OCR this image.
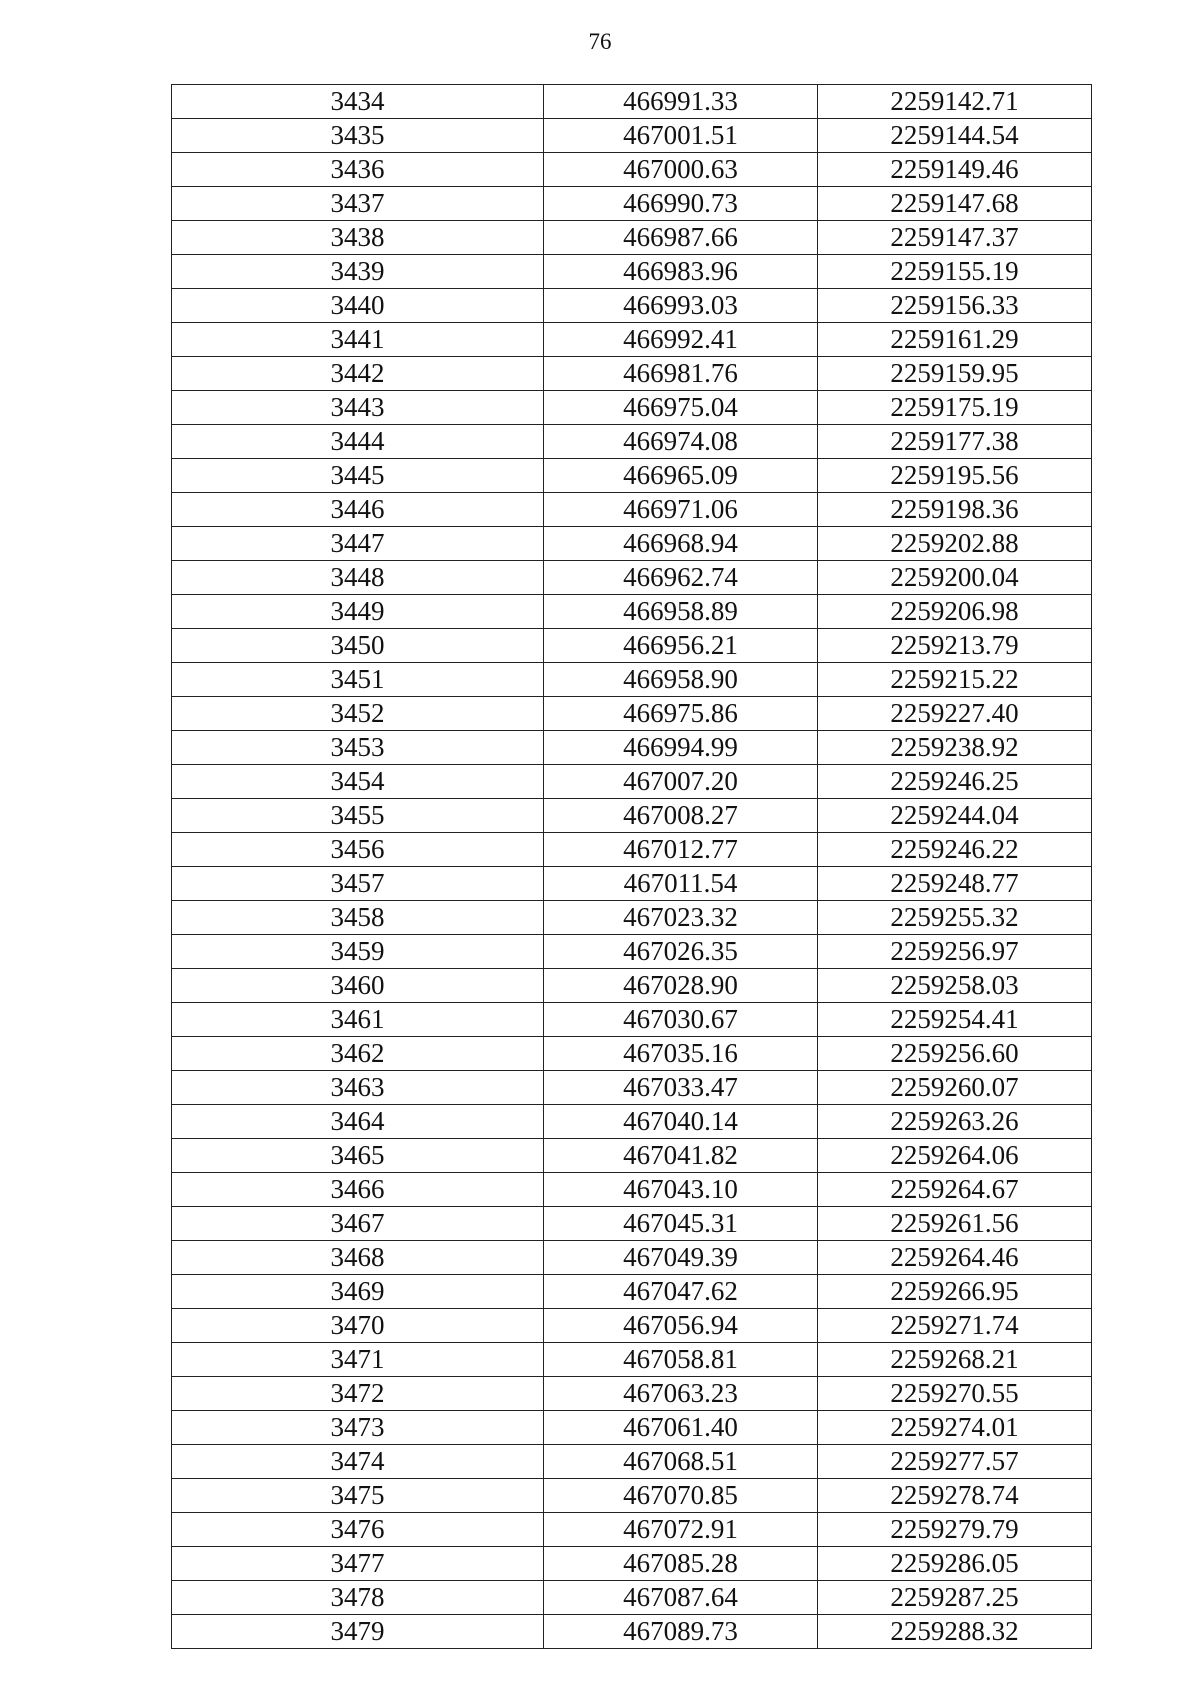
76
3434	466991.33	2259142.71
3435	467001.51	2259144.54
3436	467000.63	2259149.46
3437	466990.73	2259147.68
3438	466987.66	2259147.37
3439	466983.96	2259155.19
3440	466993.03	2259156.33
3441	466992.41	2259161.29
3442	466981.76	2259159.95
3443	466975.04	2259175.19
3444	466974.08	2259177.38
3445	466965.09	2259195.56
3446	466971.06	2259198.36
3447	466968.94	2259202.88
3448	466962.74	2259200.04
3449	466958.89	2259206.98
3450	466956.21	2259213.79
3451	466958.90	2259215.22
3452	466975.86	2259227.40
3453	466994.99	2259238.92
3454	467007.20	2259246.25
3455	467008.27	2259244.04
3456	467012.77	2259246.22
3457	467011.54	2259248.77
3458	467023.32	2259255.32
3459	467026.35	2259256.97
3460	467028.90	2259258.03
3461	467030.67	2259254.41
3462	467035.16	2259256.60
3463	467033.47	2259260.07
3464	467040.14	2259263.26
3465	467041.82	2259264.06
3466	467043.10	2259264.67
3467	467045.31	2259261.56
3468	467049.39	2259264.46
3469	467047.62	2259266.95
3470	467056.94	2259271.74
3471	467058.81	2259268.21
3472	467063.23	2259270.55
3473	467061.40	2259274.01
3474	467068.51	2259277.57
3475	467070.85	2259278.74
3476	467072.91	2259279.79
3477	467085.28	2259286.05
3478	467087.64	2259287.25
3479	467089.73	2259288.32
